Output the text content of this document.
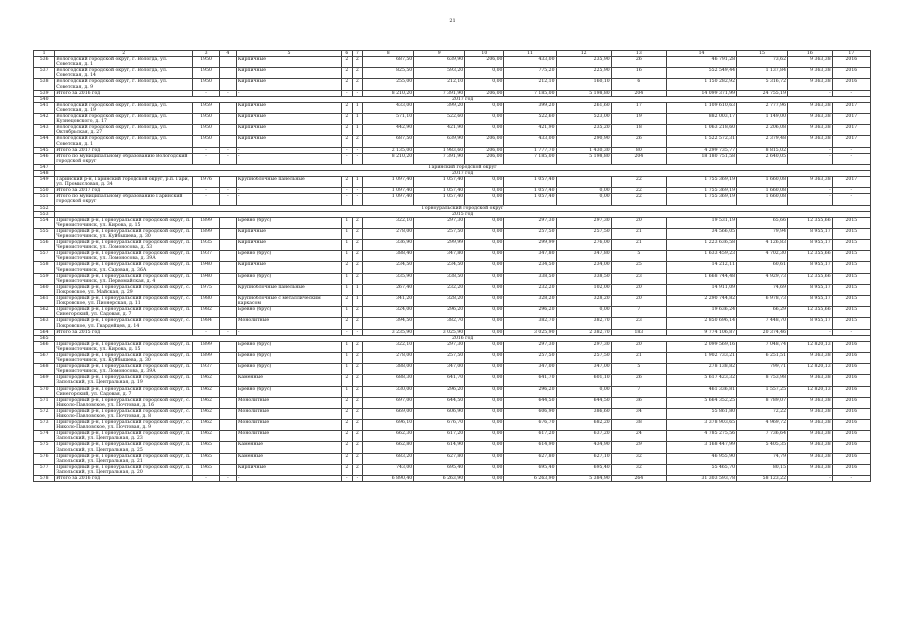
21
1	2	3	4	5	6	7	8	9	10	11	12	13	14	15	16	17
536	Вологодский городской округ, г. Вологда, ул. Советская, д. 1	1950		Кирпичные	2	2	687,50	639,90	206,00	433,00	235,90	26	46 791,28	73,62	9 363,38	2016
537	Вологодский городской округ, г. Вологда, ул. Советская, д. 14	1950		Кирпичные	2	2	825,50	593,20	0,00	775,20	225,90	16	552 549,44	1 137,84	9 363,38	2016
538	Вологодский городской округ, г. Вологда, ул. Советская, д. 9	1950		Кирпичные	2	2	255,00	212,10	0,00	212,10	160,10	6	1 150 282,92	5 316,72	9 363,38	2016
539	Итого за 2016 год	-	-	-	-	-	8 210,20	7 391,90	206,00	7 185,00	5 198,80	204	14 099 371,99	24 755,19	-	-
540	2017 год															
541	Вологодский городской округ, г. Вологда, ул. Советская, д. 19	1959		Кирпичные	2	1	433,00	399,20	0,00	399,20	261,60	17	1 109 610,63	2 777,96	9 363,38	2017
542	Вологодский городской округ, г. Вологда, ул. Кузнецовского, д. 17	1950		Кирпичные	2	1	571,10	522,60	0,00	522,60	523,00	19	882 003,17	1 149,00	9 363,38	2017
543	Вологодский городской округ, г. Вологда, ул. Октябрьская, д. 27	1950		Кирпичные	2	1	442,90	421,90	0,00	421,90	235,20	18	1 063 218,60	2 206,08	9 363,38	2017
544	Вологодский городской округ, г. Вологда, ул. Советская, д. 1	1950		Кирпичные	2	2	687,50	639,90	206,00	433,00	290,90	26	1 522 572,31	2 379,48	9 363,38	2017
545	Итого за 2017 год	-	-	-	-	-	2 135,00	1 983,60	206,00	1 777,70	1 430,30	80	4 299 735,77	8 815,02	-	-
546	Итого по муниципальному образованию Вологодский городской округ	-	-	-	-	-	8 210,20	7 391,90	206,00	7 185,00	5 198,80	204	18 180 751,58	2 640,05	-	-
547	Гаринский городской округ															
548	2017 год															
549	Гаринский р-н, Гаринский городской округ, р.п. Гари, ул. Промысловая, д. 34	1976		Крупноблочные панельные	2	1	1 097,40	1 057,40	0,00	1 057,40		22	1 755 369,19	1 660,08	9 363,38	2017
550	Итого за 2017 год	-	-	-	-	-	1 097,40	1 057,40	0,00	1 057,40	0,00	22	1 755 369,19	1 660,08	-	-
551	Итого по муниципальному образованию Гаринский городской округ	-	-	-	-	-	1 097,40	1 057,40	0,00	1 057,40	0,00	22	1 755 369,19	1 660,08	-	-
552	Горноуральский городской округ															
553	2015 год															
554	Пригородный р-н, Горноуральский городской округ, п. Черноисточинск, ул. Кирова, д. 15	1899		Бревно (брус)	1	2	322,10	297,30	0,00	297,30	297,30	20	19 531,19	65,66	12 355,66	2015
555	Пригородный р-н, Горноуральский городской округ, п. Черноисточинск, ул. Куйбышева, д. 30	1899		Кирпичные	1	2	278,00	257,50	0,00	257,50	257,50	21	34 566,05	79,94	8 955,17	2015
556	Пригородный р-н, Горноуральский городской округ, п. Черноисточинск, ул. Ломоносова, д. 53	1935		Кирпичные	1	2	336,90	299,99	0,00	299,99	276,00	21	1 223 636,58	4 126,83	8 955,17	2015
557	Пригородный р-н, Горноуральский городской округ, п. Черноисточинск, ул. Ломоносова, д. 39А	1937		Бревно (брус)	1	2	388,40	347,80	0,00	347,80	347,80	5	1 633 459,23	4 702,30	12 355,66	2015
558	Пригородный р-н, Горноуральский городской округ, п. Черноисточинск, ул. Садовая, д. 36А	1940		Кирпичные	2	2	234,50	234,50	0,00	234,50	234,00	25	14 212,11	60,61	8 955,17	2015
559	Пригородный р-н, Горноуральский городской округ, п. Черноисточинск, ул. Первомайская, д. 4	1940		Бревно (брус)	1	2	335,90	338,50	0,00	338,50	338,50	23	1 668 744,48	4 929,73	12 355,66	2015
560	Пригородный р-н, Горноуральский городской округ, с. Покровское, ул. Майская, д. 29	1975		Крупноблочные панельные	1	1	267,40	232,20	0,00	232,20	102,00	20	14 911,09	74,69	8 955,17	2015
561	Пригородный р-н, Горноуральский городской округ, с. Покровское, ул. Пионерская, д. 11	1980		Крупноблочные с металлическим каркасом	2	1	341,20	328,20	0,00	328,20	328,20	20	2 290 744,82	6 978,73	8 955,17	2015
562	Пригородный р-н, Горноуральский городской округ, п. Синегорский, ул. Садовая, д. 7	1982		Бревно (брус)	1	2	324,00	296,20	0,00	296,20	0,00	7	19 636,24	66,29	12 355,66	2015
563	Пригородный р-н, Горноуральский городской округ, с. Покровское, ул. Гвардейцев, д. 14	1984		Монолитные	2	2	394,50	382,70	0,00	382,70	382,70	23	2 850 696,14	7 448,70	8 955,17	2015
564	Итого за 2015 год	-	-	-	-	-	3 235,90	3 025,90	0,00	3 025,90	2 382,70	183	9 774 106,87	20 374,46	-	-
565	2016 год															
566	Пригородный р-н, Горноуральский городской округ, п. Черноисточинск, ул. Кирова, д. 15	1899		Бревно (брус)	1	2	322,10	297,30	0,00	297,30	297,30	20	2 099 569,16	7 048,74	12 820,13	2016
567	Пригородный р-н, Горноуральский городской округ, п. Черноисточинск, ул. Куйбышева, д. 30	1899		Бревно (брус)	1	2	278,00	257,50	0,00	257,50	257,50	21	1 902 733,21	6 251,51	9 363,38	2016
568	Пригородный р-н, Горноуральский городской округ, п. Черноисточинск, ул. Ломоносова, д. 39А	1937		Бревно (брус)	1	2	388,00	347,00	0,00	347,00	347,00	5	278 138,82	799,71	12 820,13	2016
569	Пригородный р-н, Горноуральский городской округ, п. Запольский, ул. Центральная, д. 19	1962		Каменные	2	2	688,30	641,70	0,00	641,70	601,10	26	5 617 423,32	8 753,98	9 363,38	2016
570	Пригородный р-н, Горноуральский городской округ, п. Синегорский, ул. Садовая, д. 7	1962		Бревно (брус)	1	2	330,00	296,20	0,00	296,20	0,00	7	461 336,81	1 557,25	12 820,13	2016
571	Пригородный р-н, Горноуральский городской округ, с. Николо-Павловское, ул. Почтовая, д. 16	1962		Монолитные	2	2	697,00	644,50	0,00	644,50	644,50	36	5 664 352,25	8 789,07	9 363,38	2016
572	Пригородный р-н, Горноуральский городской округ, с. Николо-Павловское, ул. Почтовая, д. 8	1962		Монолитные	2	2	669,00	606,90	0,00	606,90	386,60	34	55 861,80	72,22	9 363,38	2016
573	Пригородный р-н, Горноуральский городской округ, с. Николо-Павловское, ул. Почтовая, д. 9	1962		Монолитные	2	2	696,10	676,70	0,00	676,70	682,20	38	3 378 903,65	4 969,72	9 363,38	2016
574	Пригородный р-н, Горноуральский городской округ, п. Запольский, ул. Центральная, д. 23	1962		Монолитные	2	2	662,30	617,20	0,00	617,20	637,20	24	4 785 275,56	7 736,64	9 363,38	2016
575	Пригородный р-н, Горноуральский городской округ, п. Запольский, ул. Центральная, д. 25	1965		Каменные	2	2	662,80	614,90	0,00	614,90	434,90	29	3 168 447,99	5 405,35	9 363,38	2016
576	Пригородный р-н, Горноуральский городской округ, п. Запольский, ул. Центральная, д. 21	1965		Каменные	2	2	683,20	627,80	0,00	627,80	627,10	32	46 955,90	74,79	9 363,38	2016
577	Пригородный р-н, Горноуральский городской округ, п. Запольский, ул. Центральная, д. 20	1965		Кирпичные	2	2	743,00	695,40	0,00	695,40	695,40	32	55 465,70	80,15	9 363,38	2016
578	Итого за 2016 год	-	-	-	-	-	6 890,40	6 263,90	0,00	6 263,90	5 384,90	264	31 303 593,78	58 123,22	-	-
